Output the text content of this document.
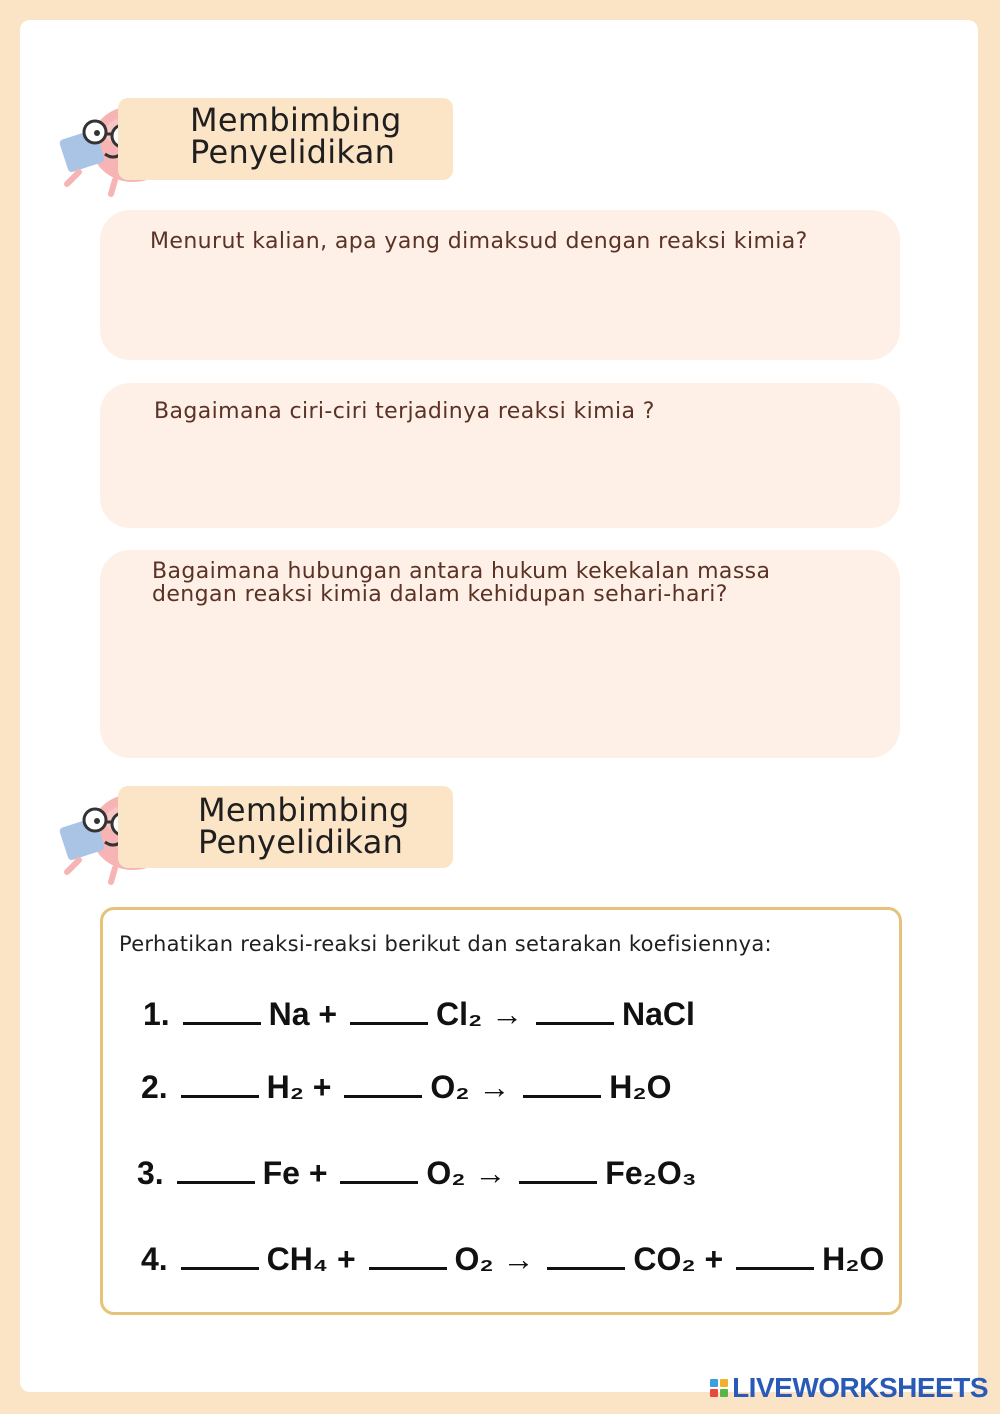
Membimbing
Penyelidikan
Menurut kalian, apa yang dimaksud dengan reaksi kimia?
Bagaimana ciri-ciri terjadinya reaksi kimia ?
Bagaimana hubungan antara hukum kekekalan massa
dengan reaksi kimia dalam kehidupan sehari-hari?
Membimbing
Penyelidikan
Perhatikan reaksi-reaksi berikut dan setarakan koefisiennya:
1.	Na +	Cl₂ →	NaCl
2.	H₂ +	O₂ →	H₂O
3.	Fe +	O₂ →	Fe₂O₃
4.	CH₄ +	O₂ →	CO₂ +	H₂O
LIVEWORKSHEETS
